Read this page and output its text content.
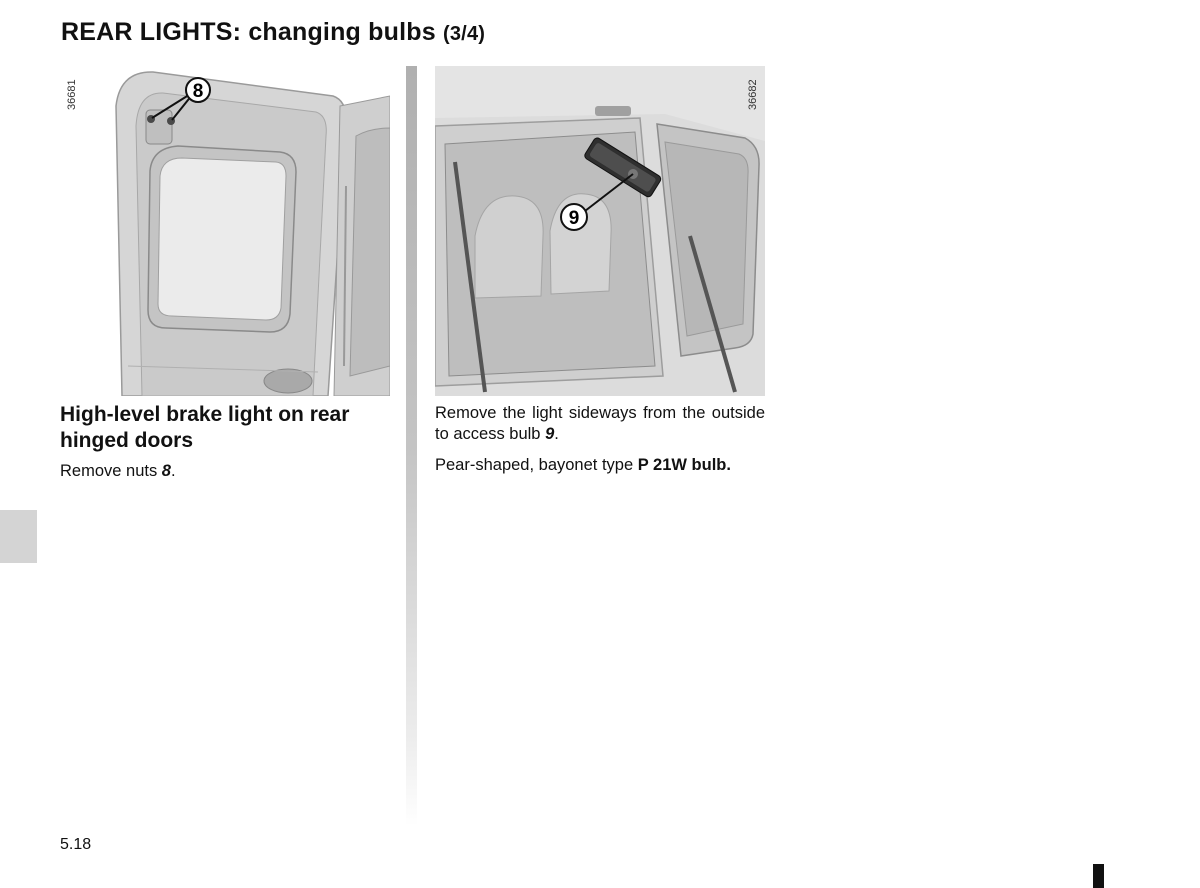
REAR LIGHTS: changing bulbs (3/4)
36681	8
9
36682
High-level brake light on rear hinged doors

Remove nuts 8.

Remove the light sideways from the outside to access bulb 9.

Pear-shaped, bayonet type P 21W bulb.

5.18
